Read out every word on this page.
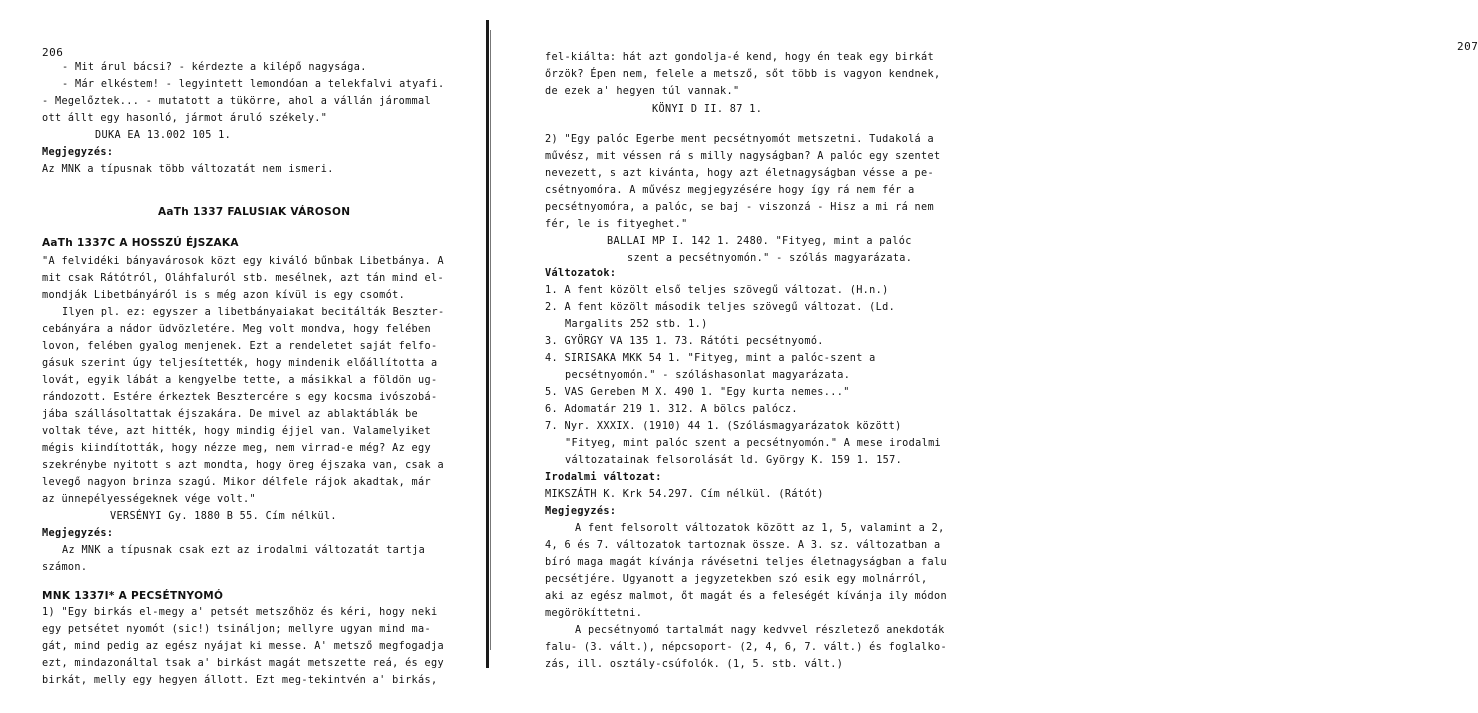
206
- Mit árul bácsi? - kérdezte a kilépő nagysága.
- Már elkéstem! - legyintett lemondóan a telekfalvi atyafi.
- Megelőztek... - mutatott a tükörre, ahol a vállán járommal
ott állt egy hasonló, jármot áruló székely."
DUKA EA 13.002 105 1.
Megjegyzés:
Az MNK a típusnak több változatát nem ismeri.
AaTh 1337 FALUSIAK VÁROSON
AaTh 1337C A HOSSZÚ ÉJSZAKA
"A felvidéki bányavárosok közt egy kiváló bűnbak Libetbánya. A
mit csak Rátótról, Oláhfaluról stb. mesélnek, azt tán mind el-
mondják Libetbányáról is s még azon kívül is egy csomót.
Ilyen pl. ez: egyszer a libetbányaiakat becitálták Beszter-
cebányára a nádor üdvözletére. Meg volt mondva, hogy felében
lovon, felében gyalog menjenek. Ezt a rendeletet saját felfo-
gásuk szerint úgy teljesítették, hogy mindenik előállította a
lovát, egyik lábát a kengyelbe tette, a másikkal a földön ug-
rándozott. Estére érkeztek Besztercére s egy kocsma ivószobá-
jába szállásoltattak éjszakára. De mivel az ablaktáblák be
voltak téve, azt hitték, hogy mindig éjjel van. Valamelyiket
mégis kiindították, hogy nézze meg, nem virrad-e még? Az egy
szekrénybe nyitott s azt mondta, hogy öreg éjszaka van, csak a
levegő nagyon brinza szagú. Mikor délfele rájok akadtak, már
az ünnepélyességeknek vége volt."
VERSÉNYI Gy. 1880 B 55. Cím nélkül.
Megjegyzés:
Az MNK a típusnak csak ezt az irodalmi változatát tartja
számon.
MNK 1337I* A PECSÉTNYOMÓ
1) "Egy birkás el-megy a' petsét metszőhöz és kéri, hogy neki
egy petsétet nyomót (sic!) tsináljon; mellyre ugyan mind ma-
gát, mind pedig az egész nyájat ki messe. A' metsző megfogadja
ezt, mindazonáltal tsak a' birkást magát metszette reá, és egy
birkát, melly egy hegyen állott. Ezt meg-tekintvén a' birkás,
207
fel-kiálta: hát azt gondolja-é kend, hogy én teak egy birkát
őrzök? Épen nem, felele a metsző, sőt több is vagyon kendnek,
de ezek a' hegyen túl vannak."
KÖNYI D II. 87 1.
2) "Egy palóc Egerbe ment pecsétnyomót metszetni. Tudakolá a
művész, mit véssen rá s milly nagyságban? A palóc egy szentet
nevezett, s azt kivánta, hogy azt életnagyságban vésse a pe-
csétnyomóra. A művész megjegyzésére hogy így rá nem fér a
pecsétnyomóra, a palóc, se baj - viszonzá - Hisz a mi rá nem
fér, le is fityeghet."
BALLAI MP I. 142 1. 2480. "Fityeg, mint a palóc
szent a pecsétnyomón." - szólás magyarázata.
Változatok:
1. A fent közölt első teljes szövegű változat. (H.n.)
2. A fent közölt második teljes szövegű változat. (Ld.
Margalits 252 stb. 1.)
3. GYÖRGY VA 135 1. 73. Rátóti pecsétnyomó.
4. SIRISAKA MKK 54 1. "Fityeg, mint a palóc-szent a
pecsétnyomón." - szóláshasonlat magyarázata.
5. VAS Gereben M X. 490 1. "Egy kurta nemes..."
6. Adomatár 219 1. 312. A bölcs palócz.
7. Nyr. XXXIX. (1910) 44 1. (Szólásmagyarázatok között)
"Fityeg, mint palóc szent a pecsétnyomón." A mese irodalmi
változatainak felsorolását ld. György K. 159 1. 157.
Irodalmi változat:
MIKSZÁTH K. Krk 54.297. Cím nélkül. (Rátót)
Megjegyzés:
A fent felsorolt változatok között az 1, 5, valamint a 2,
4, 6 és 7. változatok tartoznak össze. A 3. sz. változatban a
bíró maga magát kívánja rávésetni teljes életnagyságban a falu
pecsétjére. Ugyanott a jegyzetekben szó esik egy molnárról,
aki az egész malmot, őt magát és a feleségét kívánja ily módon
megörökíttetni.
A pecsétnyomó tartalmát nagy kedvvel részletező anekdoták
falu- (3. vált.), népcsoport- (2, 4, 6, 7. vált.) és foglalko-
zás, ill. osztály-csúfolók. (1, 5. stb. vált.)
